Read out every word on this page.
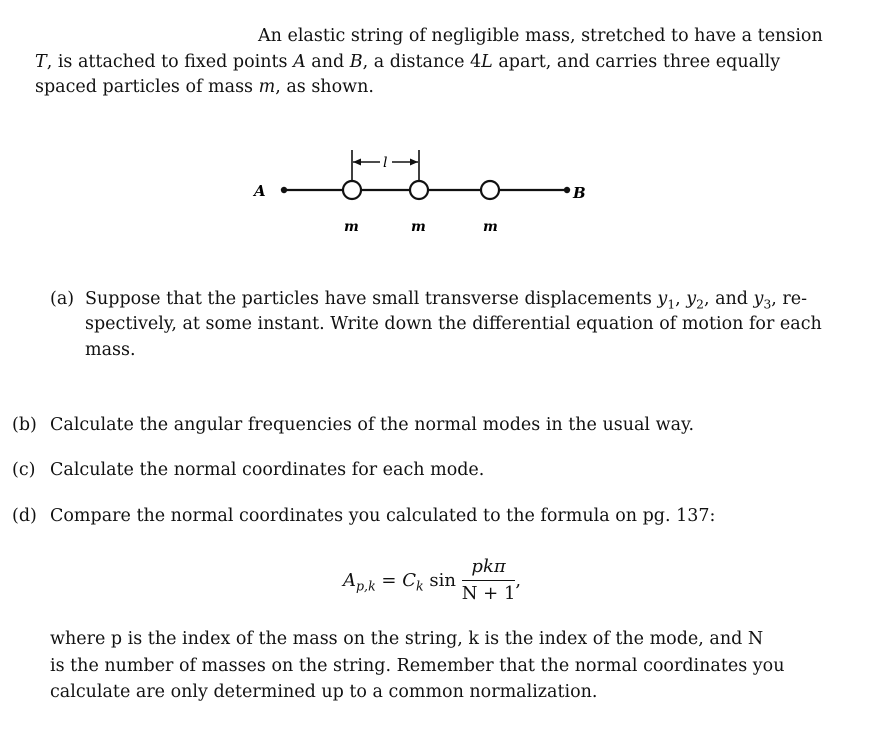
An elastic string of negligible mass, stretched to have a tension
T, is attached to fixed points A and B, a distance 4L apart, and carries three equally
spaced particles of mass m, as shown.
A	B
l
m	m	m
(a) Suppose that the particles have small transverse displacements $y_1$, $y_2$, and $y_3$, re-
spectively, at some instant. Write down the differential equation of motion for each
mass.
(b) Calculate the angular frequencies of the normal modes in the usual way.
(c) Calculate the normal coordinates for each mode.
(d) Compare the normal coordinates you calculated to the formula on pg. 137:
$A_{p,k} = C_k$ $\sin \frac{\text{pkπ}}{N + 1}$ ,
where p is the index of the mass on the string, k is the index of the mode, and N
is the number of masses on the string. Remember that the normal coordinates you
calculate are only determined up to a common normalization.
